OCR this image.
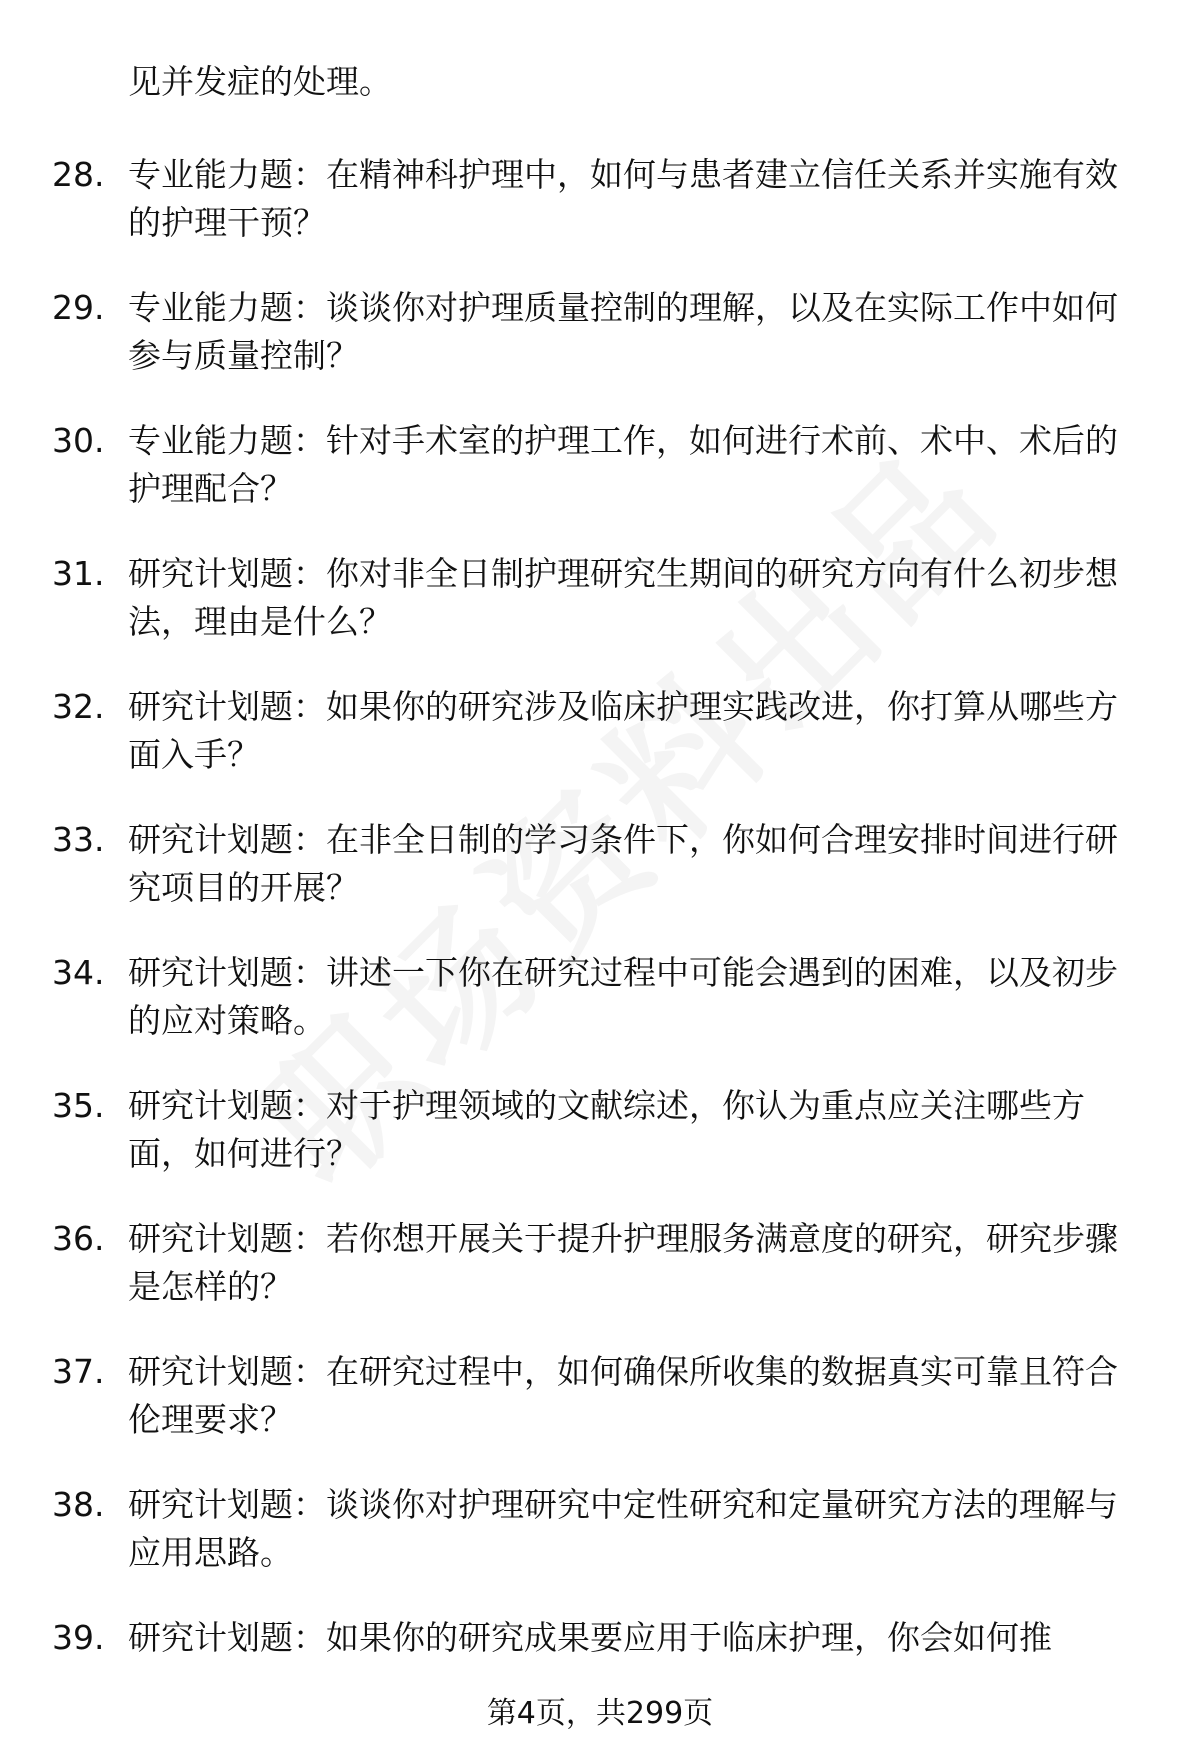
见并发症的处理。
28. 专业能力题：在精神科护理中，如何与患者建立信任关系并实施有效的护理干预？
29. 专业能力题：谈谈你对护理质量控制的理解，以及在实际工作中如何参与质量控制？
30. 专业能力题：针对手术室的护理工作，如何进行术前、术中、术后的护理配合？
31. 研究计划题：你对非全日制护理研究生期间的研究方向有什么初步想法，理由是什么？
32. 研究计划题：如果你的研究涉及临床护理实践改进，你打算从哪些方面入手？
33. 研究计划题：在非全日制的学习条件下，你如何合理安排时间进行研究项目的开展？
34. 研究计划题：讲述一下你在研究过程中可能会遇到的困难，以及初步的应对策略。
35. 研究计划题：对于护理领域的文献综述，你认为重点应关注哪些方面，如何进行？
36. 研究计划题：若你想开展关于提升护理服务满意度的研究，研究步骤是怎样的？
37. 研究计划题：在研究过程中，如何确保所收集的数据真实可靠且符合伦理要求？
38. 研究计划题：谈谈你对护理研究中定性研究和定量研究方法的理解与应用思路。
39. 研究计划题：如果你的研究成果要应用于临床护理，你会如何推
第4页，共299页
